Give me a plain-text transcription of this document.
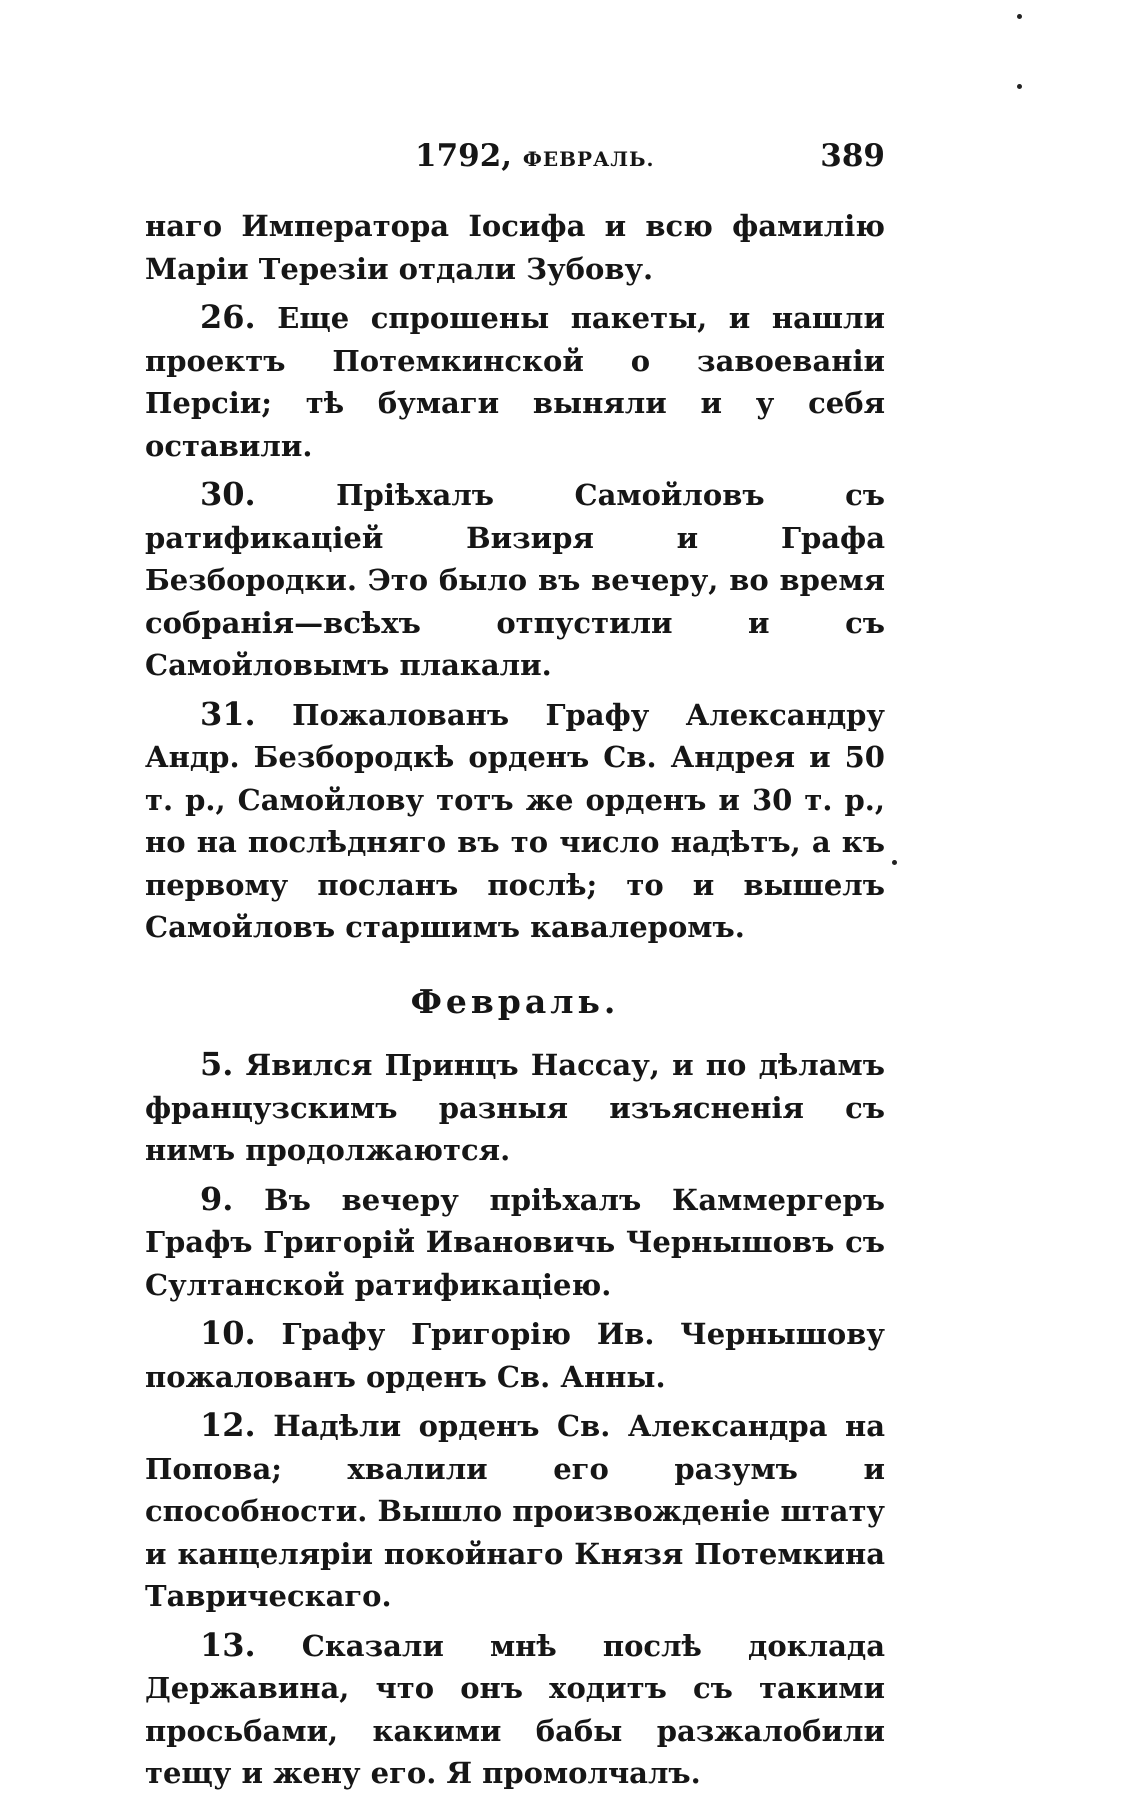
1792, ФЕВРАЛЬ.	389

наго Императора Іосифа и всю фамилію Маріи Терезіи отдали Зубову.

26. Еще спрошены пакеты, и нашли проектъ Потемкинской о завоеваніи Персіи; тѣ бумаги выняли и у себя оставили.

30.	Пріѣхалъ Самойловъ съ ратификаціей Визиря и Графа Безбородки. Это было въ вечеру, во время собранія—всѣхъ отпустили и съ Самойловымъ плакали.

31. Пожалованъ Графу Александру Андр. Безбородкѣ орденъ Св. Андрея и 50 т. р., Самойлову тотъ же орденъ и 30 т. р., но на послѣдняго въ то число надѣтъ, а къ первому посланъ послѣ; то и вышелъ Самойловъ старшимъ кавалеромъ.

Февраль.

5. Явился Принцъ Нассау, и по дѣламъ французскимъ разныя изъясненія съ нимъ продолжаются.

9. Въ вечеру пріѣхалъ Каммергеръ Графъ Григорій Ивановичь Чернышовъ съ Султанской ратификаціею.

10. Графу Григорію Ив. Чернышову пожалованъ орденъ Св. Анны.

12. Надѣли орденъ Св. Александра на Попова; хвалили его разумъ и способности. Вышло произвожденіе штату и канцеляріи покойнаго Князя Потемкина Таврическаго.

13. Сказали мнѣ послѣ доклада Державина, что онъ ходитъ съ такими просьбами, какими бабы разжалобили тещу и жену его. Я промолчалъ.
